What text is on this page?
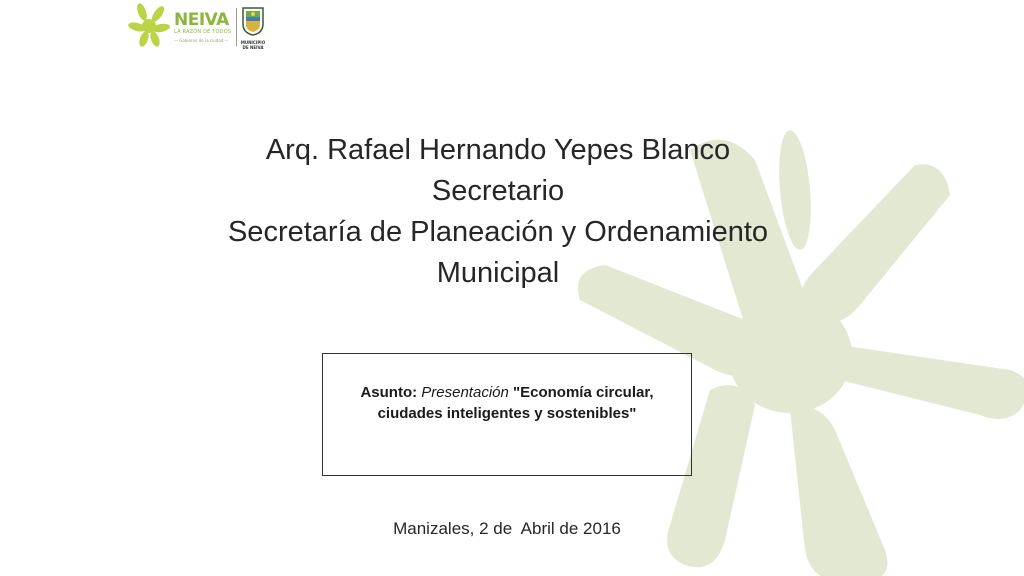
NEIVA
LA RAZÓN DE TODOS
— Gobierno de la ciudad —	MUNICIPIO
DE NEIVA
Arq. Rafael Hernando Yepes Blanco
Secretario
Secretaría de Planeación y Ordenamiento
Municipal
Asunto: Presentación "Economía circular,
ciudades inteligentes y sostenibles"
Manizales, 2 de  Abril de 2016
